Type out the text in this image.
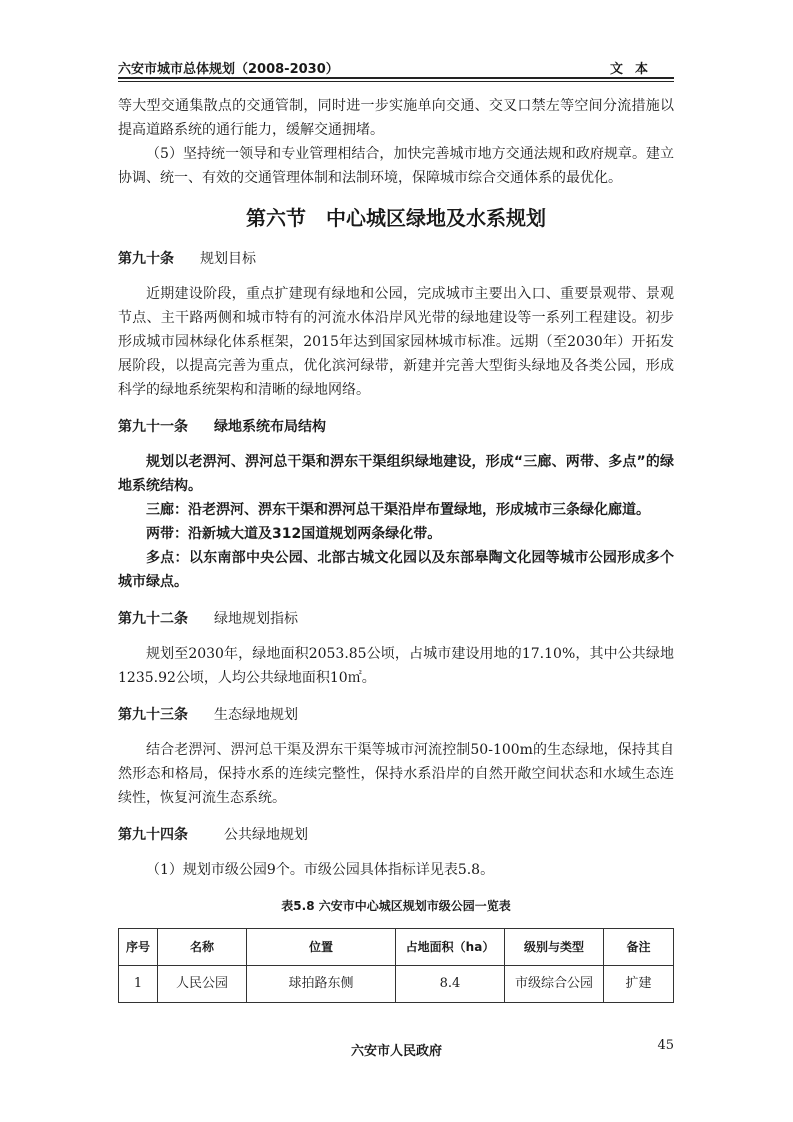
六安市城市总体规划（2008-2030）	文本

等大型交通集散点的交通管制，同时进一步实施单向交通、交叉口禁左等空间分流措施以提高道路系统的通行能力，缓解交通拥堵。

（5）坚持统一领导和专业管理相结合，加快完善城市地方交通法规和政府规章。建立协调、统一、有效的交通管理体制和法制环境，保障城市综合交通体系的最优化。

第六节　中心城区绿地及水系规划
第九十条 规划目标

近期建设阶段，重点扩建现有绿地和公园，完成城市主要出入口、重要景观带、景观节点、主干路两侧和城市特有的河流水体沿岸风光带的绿地建设等一系列工程建设。初步形成城市园林绿化体系框架，2015年达到国家园林城市标准。远期（至2030年）开拓发展阶段，以提高完善为重点，优化滨河绿带，新建并完善大型街头绿地及各类公园，形成科学的绿地系统架构和清晰的绿地网络。

第九十一条 绿地系统布局结构

规划以老淠河、淠河总干渠和淠东干渠组织绿地建设，形成“三廊、两带、多点”的绿地系统结构。

三廊：沿老淠河、淠东干渠和淠河总干渠沿岸布置绿地，形成城市三条绿化廊道。

两带：沿新城大道及312国道规划两条绿化带。

多点：以东南部中央公园、北部古城文化园以及东部皋陶文化园等城市公园形成多个城市绿点。

第九十二条 绿地规划指标

规划至2030年，绿地面积2053.85公顷，占城市建设用地的17.10%，其中公共绿地1235.92公顷，人均公共绿地面积10㎡。

第九十三条 生态绿地规划

结合老淠河、淠河总干渠及淠东干渠等城市河流控制50-100m的生态绿地，保持其自然形态和格局，保持水系的连续完整性，保持水系沿岸的自然开敞空间状态和水域生态连续性，恢复河流生态系统。

第九十四条	公共绿地规划

（1）规划市级公园9个。市级公园具体指标详见表5.8。

表5.8 六安市中心城区规划市级公园一览表
序号	名称	位置	占地面积（ha）	级别与类型	备注
1	人民公园	球拍路东侧	8.4	市级综合公园	扩建
六安市人民政府	45
